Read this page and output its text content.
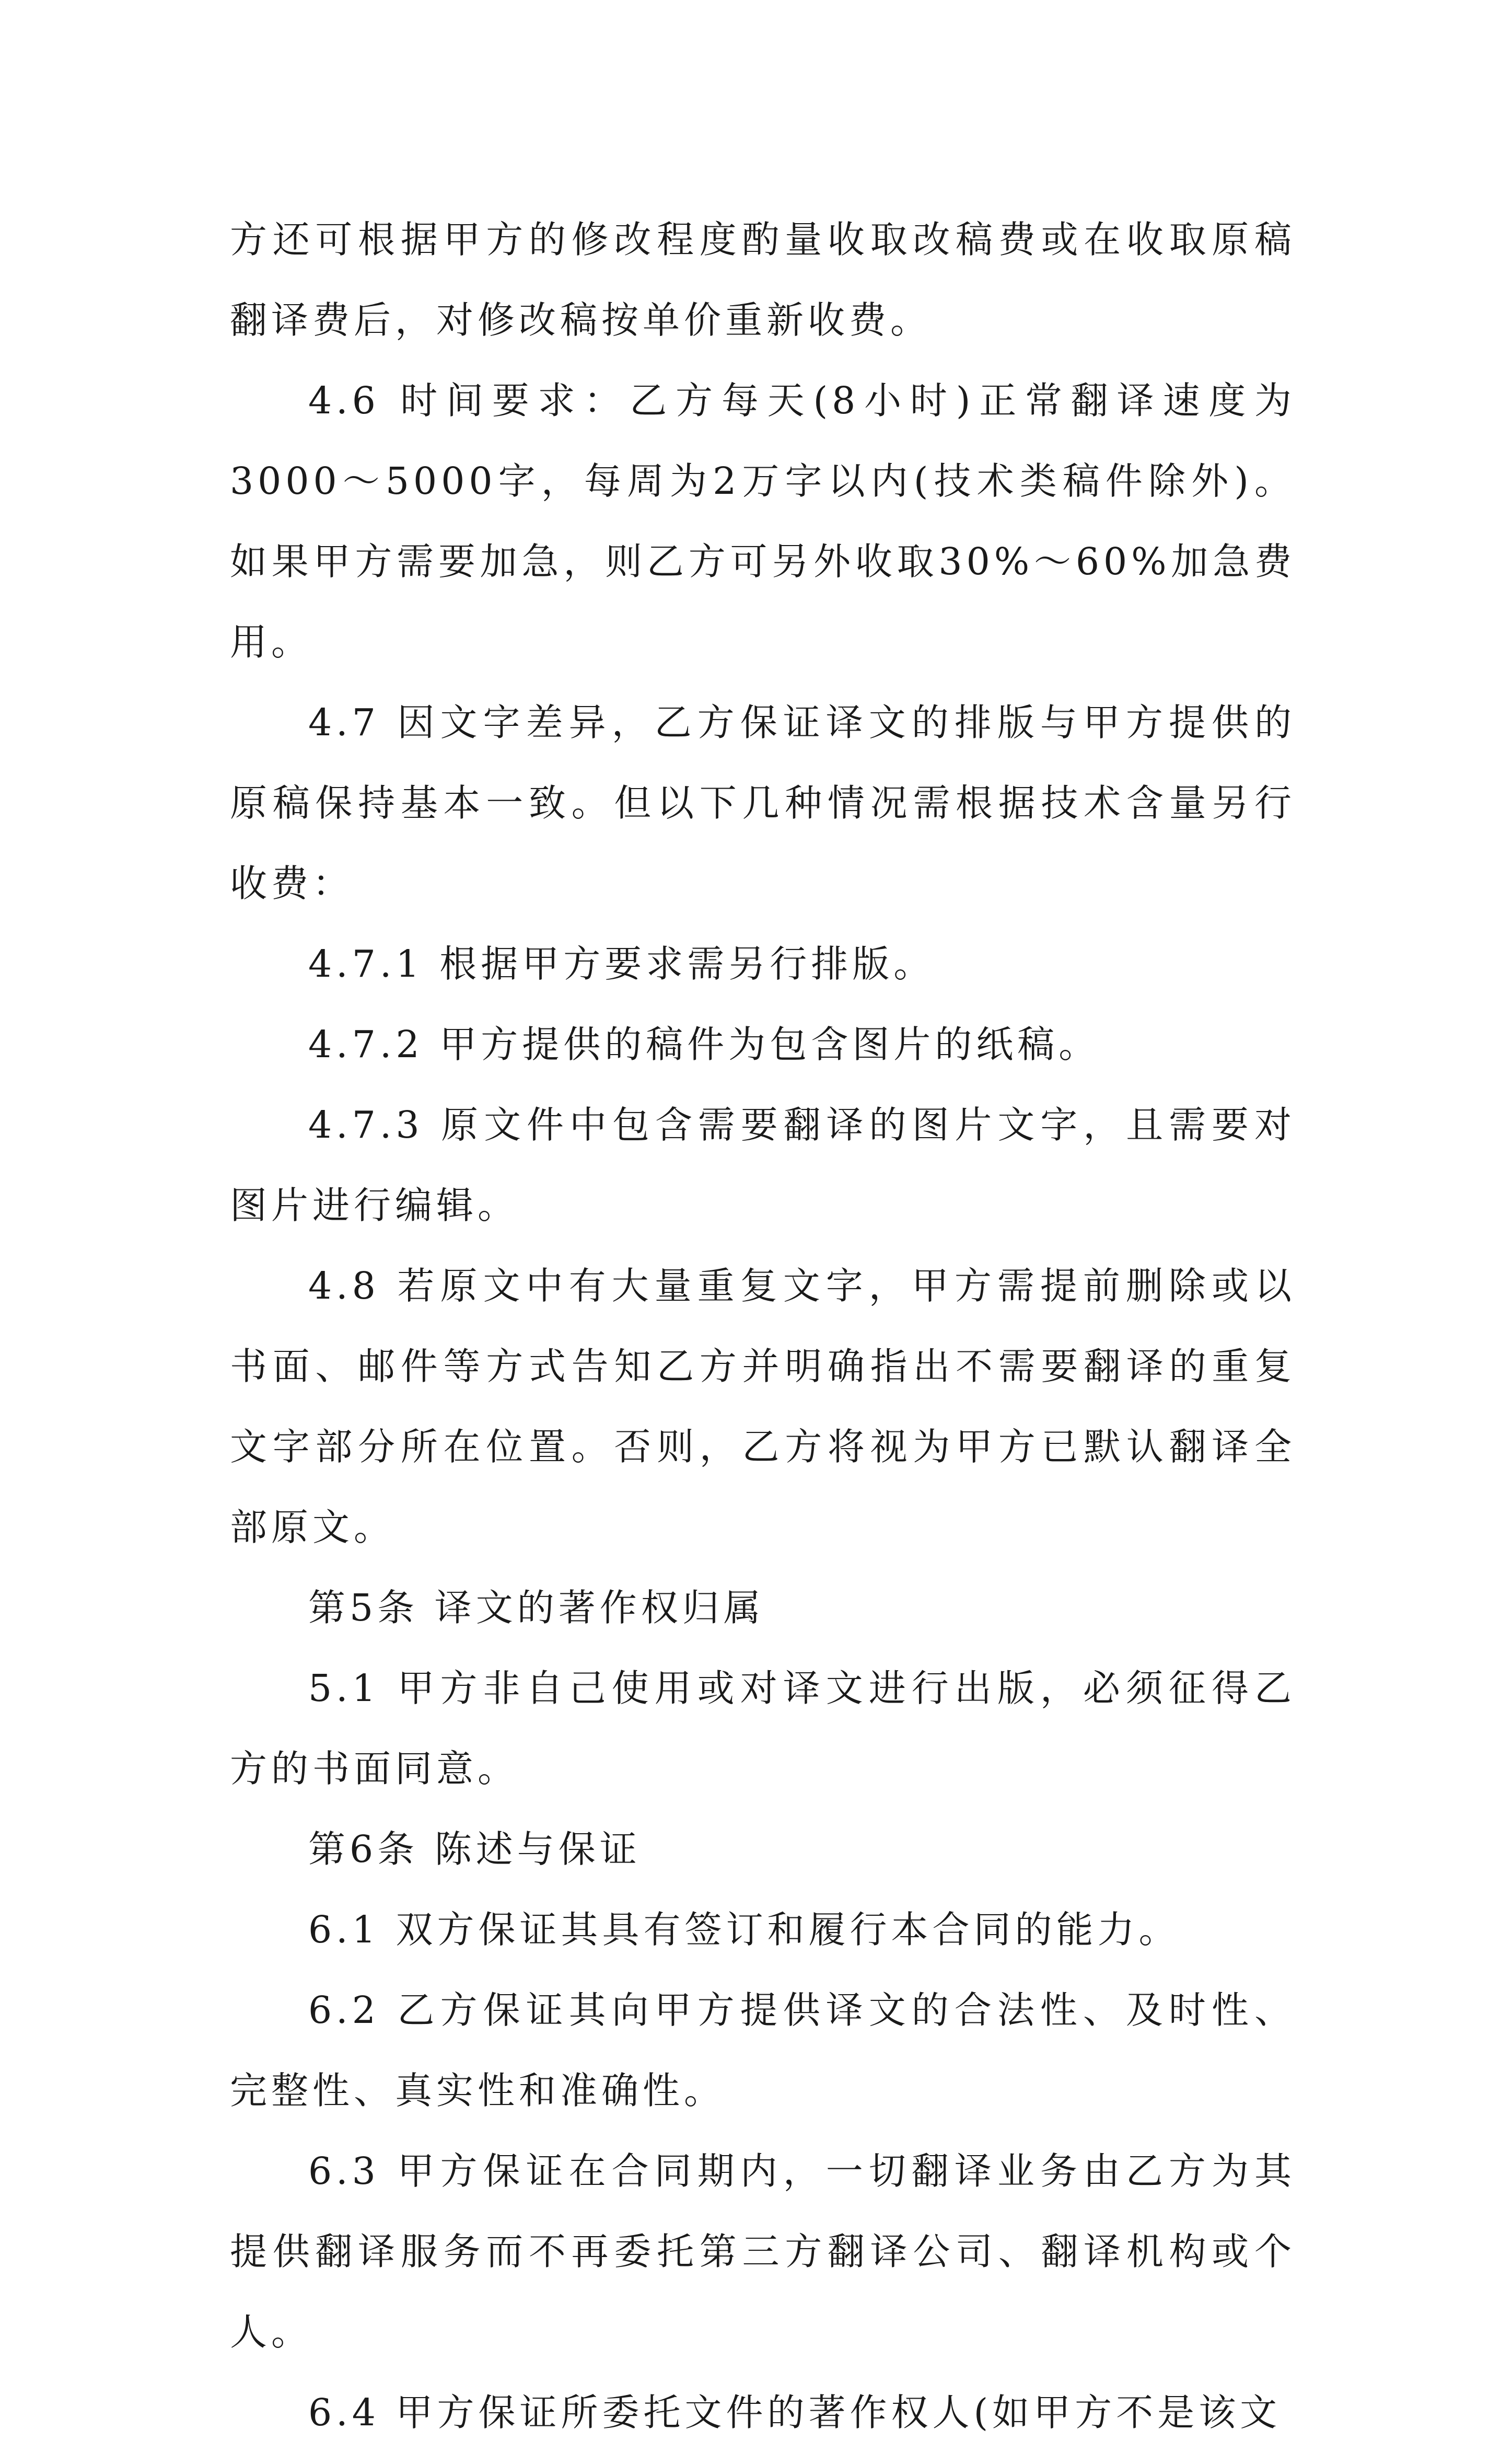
方还可根据甲方的修改程度酌量收取改稿费或在收取原稿翻译费后，对修改稿按单价重新收费。

4.6 时间要求：乙方每天(8小时)正常翻译速度为3000～5000字，每周为2万字以内(技术类稿件除外)。如果甲方需要加急，则乙方可另外收取30%～60%加急费用。

4.7 因文字差异，乙方保证译文的排版与甲方提供的原稿保持基本一致。但以下几种情况需根据技术含量另行收费：

4.7.1 根据甲方要求需另行排版。

4.7.2 甲方提供的稿件为包含图片的纸稿。

4.7.3 原文件中包含需要翻译的图片文字，且需要对图片进行编辑。

4.8 若原文中有大量重复文字，甲方需提前删除或以书面、邮件等方式告知乙方并明确指出不需要翻译的重复文字部分所在位置。否则，乙方将视为甲方已默认翻译全部原文。

第5条 译文的著作权归属

5.1 甲方非自己使用或对译文进行出版，必须征得乙方的书面同意。

第6条 陈述与保证

6.1 双方保证其具有签订和履行本合同的能力。

6.2 乙方保证其向甲方提供译文的合法性、及时性、完整性、真实性和准确性。

6.3 甲方保证在合同期内，一切翻译业务由乙方为其提供翻译服务而不再委托第三方翻译公司、翻译机构或个人。

6.4 甲方保证所委托文件的著作权人(如甲方不是该文
